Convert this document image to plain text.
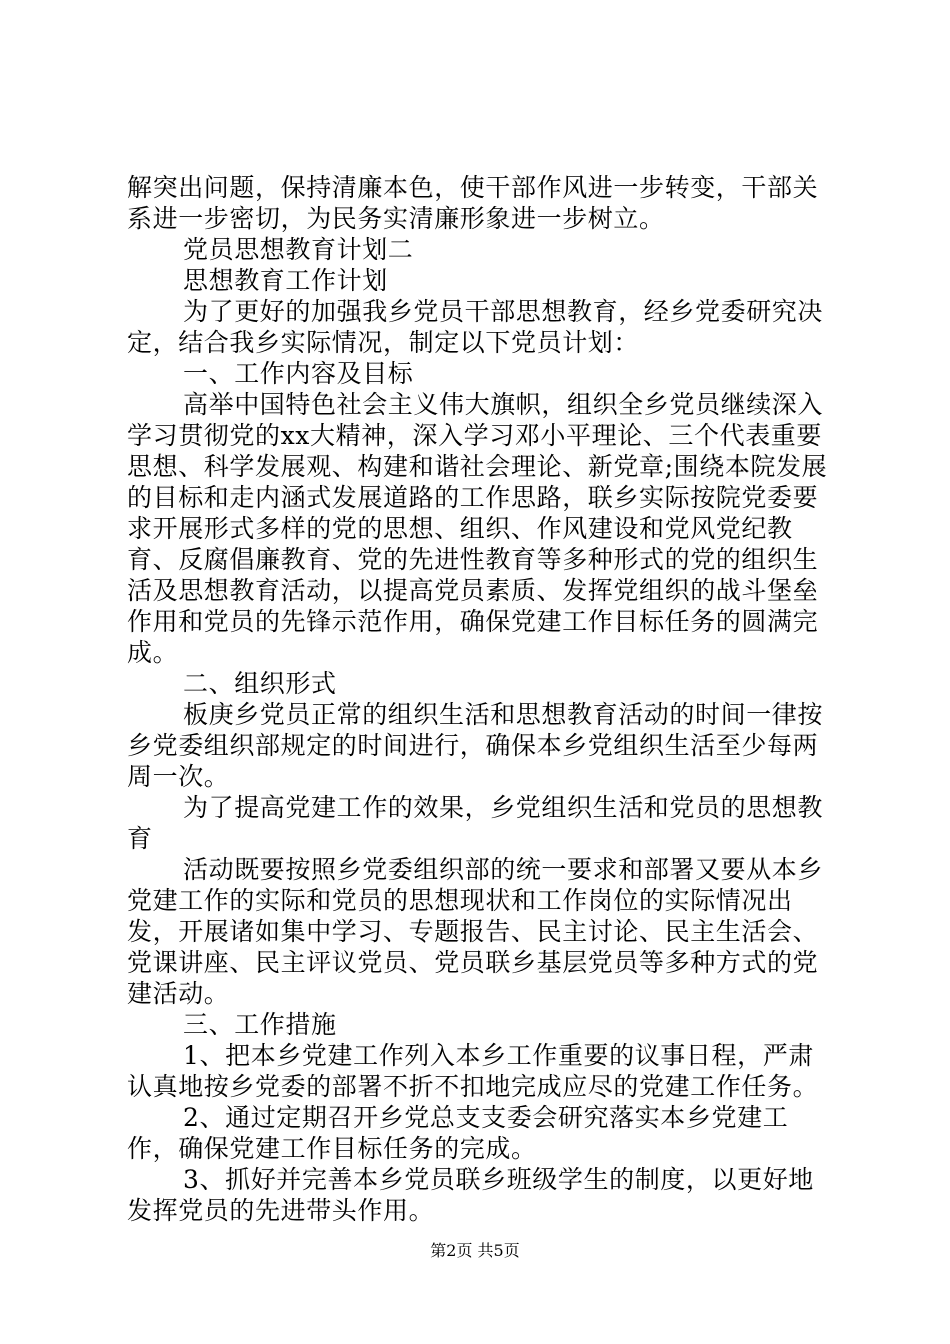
解突出问题，保持清廉本色，使干部作风进一步转变，干部关系进一步密切，为民务实清廉形象进一步树立。

党员思想教育计划二

思想教育工作计划

为了更好的加强我乡党员干部思想教育，经乡党委研究决定，结合我乡实际情况，制定以下党员计划：

一、工作内容及目标

高举中国特色社会主义伟大旗帜，组织全乡党员继续深入学习贯彻党的xx大精神，深入学习邓小平理论、三个代表重要思想、科学发展观、构建和谐社会理论、新党章;围绕本院发展的目标和走内涵式发展道路的工作思路，联乡实际按院党委要求开展形式多样的党的思想、组织、作风建设和党风党纪教育、反腐倡廉教育、党的先进性教育等多种形式的党的组织生活及思想教育活动，以提高党员素质、发挥党组织的战斗堡垒作用和党员的先锋示范作用，确保党建工作目标任务的圆满完成。

二、组织形式

板庚乡党员正常的组织生活和思想教育活动的时间一律按乡党委组织部规定的时间进行，确保本乡党组织生活至少每两周一次。

为了提高党建工作的效果，乡党组织生活和党员的思想教育

活动既要按照乡党委组织部的统一要求和部署又要从本乡党建工作的实际和党员的思想现状和工作岗位的实际情况出发，开展诸如集中学习、专题报告、民主讨论、民主生活会、党课讲座、民主评议党员、党员联乡基层党员等多种方式的党建活动。

三、工作措施

1、把本乡党建工作列入本乡工作重要的议事日程，严肃认真地按乡党委的部署不折不扣地完成应尽的党建工作任务。

2、通过定期召开乡党总支支委会研究落实本乡党建工作，确保党建工作目标任务的完成。

3、抓好并完善本乡党员联乡班级学生的制度，以更好地发挥党员的先进带头作用。

第2页 共5页
